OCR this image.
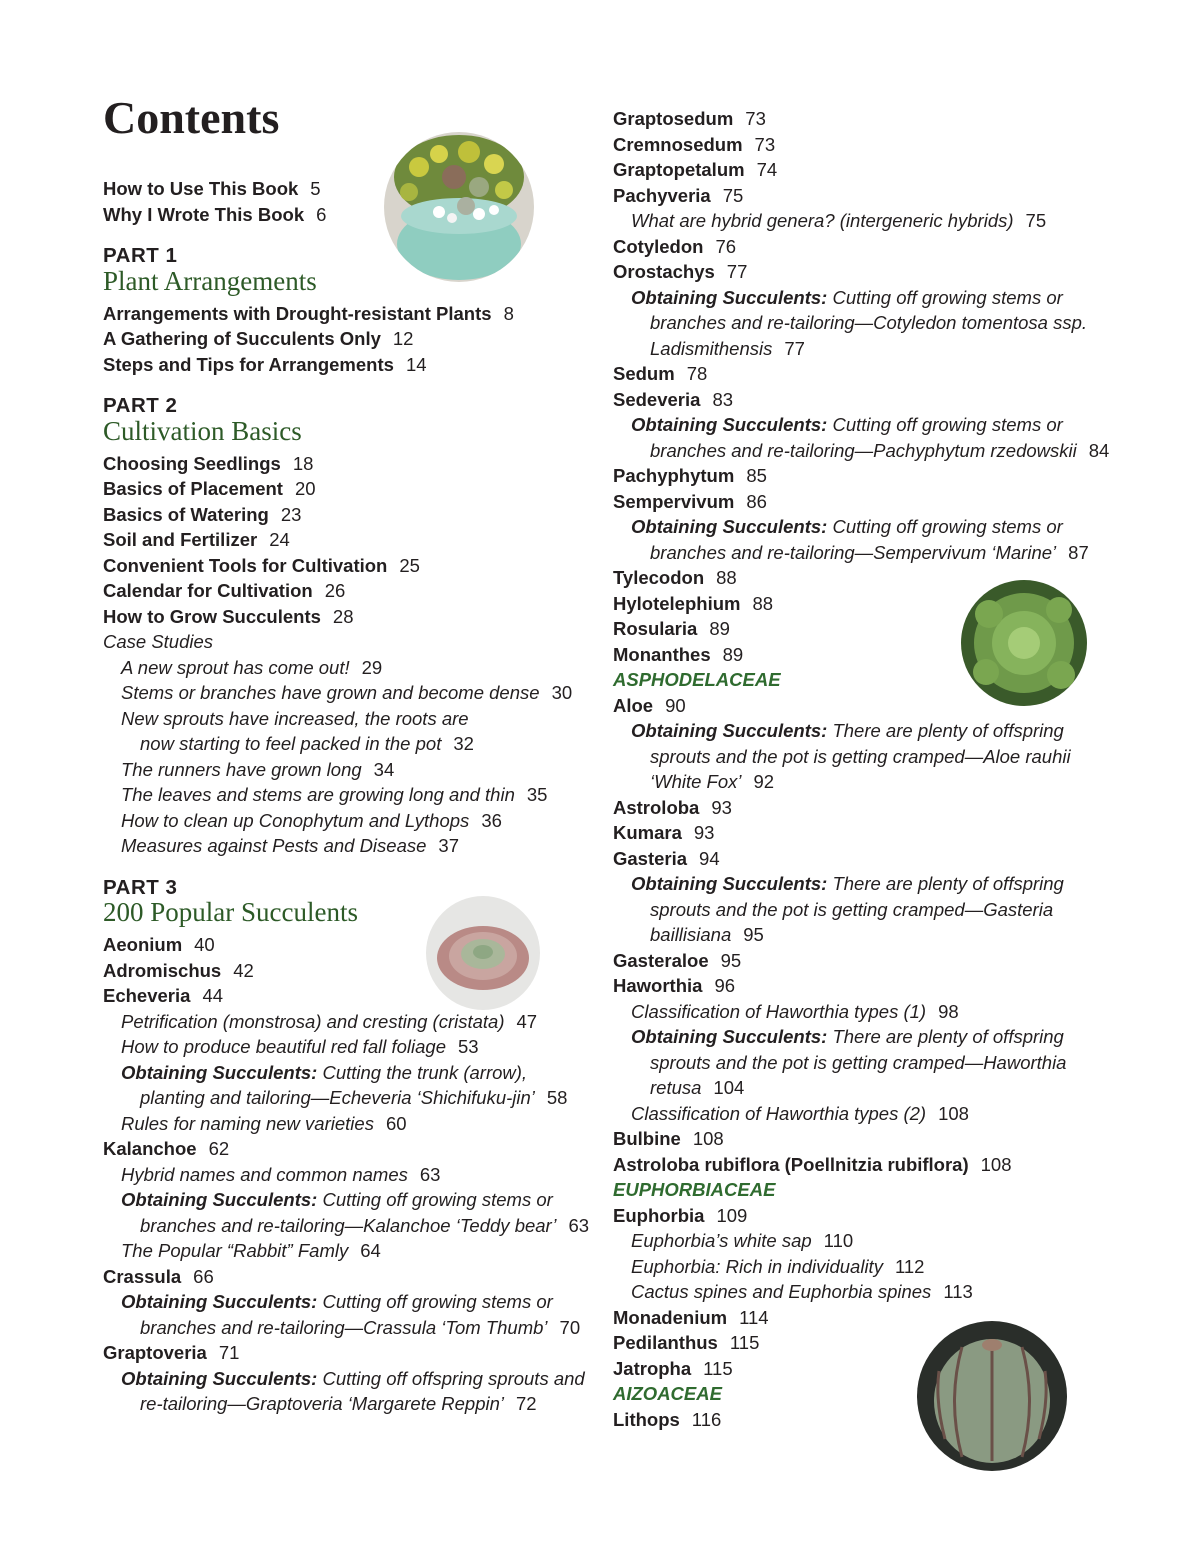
Contents
How to Use This Book 5
Why I Wrote This Book 6
PART 1
Plant Arrangements
Arrangements with Drought-resistant Plants 8
A Gathering of Succulents Only 12
Steps and Tips for Arrangements 14
PART 2
Cultivation Basics
Choosing Seedlings 18
Basics of Placement 20
Basics of Watering 23
Soil and Fertilizer 24
Convenient Tools for Cultivation 25
Calendar for Cultivation 26
How to Grow Succulents 28
Case Studies
A new sprout has come out! 29
Stems or branches have grown and become dense 30
New sprouts have increased, the roots are
now starting to feel packed in the pot 32
The runners have grown long 34
The leaves and stems are growing long and thin 35
How to clean up Conophytum and Lythops 36
Measures against Pests and Disease 37
PART 3
200 Popular Succulents
Aeonium 40
Adromischus 42
Echeveria 44
Petrification (monstrosa) and cresting (cristata) 47
How to produce beautiful red fall foliage 53
Obtaining Succulents: Cutting the trunk (arrow),
planting and tailoring—Echeveria ‘Shichifuku-jin’ 58
Rules for naming new varieties 60
Kalanchoe 62
Hybrid names and common names 63
Obtaining Succulents: Cutting off growing stems or
branches and re-tailoring—Kalanchoe ‘Teddy bear’ 63
The Popular “Rabbit” Famly 64
Crassula 66
Obtaining Succulents: Cutting off growing stems or
branches and re-tailoring—Crassula ‘Tom Thumb’ 70
Graptoveria 71
Obtaining Succulents: Cutting off offspring sprouts and
re-tailoring—Graptoveria ‘Margarete Reppin’ 72
Graptosedum 73
Cremnosedum 73
Graptopetalum 74
Pachyveria 75
What are hybrid genera? (intergeneric hybrids) 75
Cotyledon 76
Orostachys 77
Obtaining Succulents: Cutting off growing stems or
branches and re-tailoring—Cotyledon tomentosa ssp.
Ladismithensis 77
Sedum 78
Sedeveria 83
Obtaining Succulents: Cutting off growing stems or
branches and re-tailoring—Pachyphytum rzedowskii 84
Pachyphytum 85
Sempervivum 86
Obtaining Succulents: Cutting off growing stems or
branches and re-tailoring—Sempervivum ‘Marine’ 87
Tylecodon 88
Hylotelephium 88
Rosularia 89
Monanthes 89
ASPHODELACEAE
Aloe 90
Obtaining Succulents: There are plenty of offspring
sprouts and the pot is getting cramped—Aloe rauhii
‘White Fox’ 92
Astroloba 93
Kumara 93
Gasteria 94
Obtaining Succulents: There are plenty of offspring
sprouts and the pot is getting cramped—Gasteria
baillisiana 95
Gasteraloe 95
Haworthia 96
Classification of Haworthia types (1) 98
Obtaining Succulents: There are plenty of offspring
sprouts and the pot is getting cramped—Haworthia
retusa 104
Classification of Haworthia types (2) 108
Bulbine 108
Astroloba rubiflora (Poellnitzia rubiflora) 108
EUPHORBIACEAE
Euphorbia 109
Euphorbia’s white sap 110
Euphorbia: Rich in individuality 112
Cactus spines and Euphorbia spines 113
Monadenium 114
Pedilanthus 115
Jatropha 115
AIZOACEAE
Lithops 116
